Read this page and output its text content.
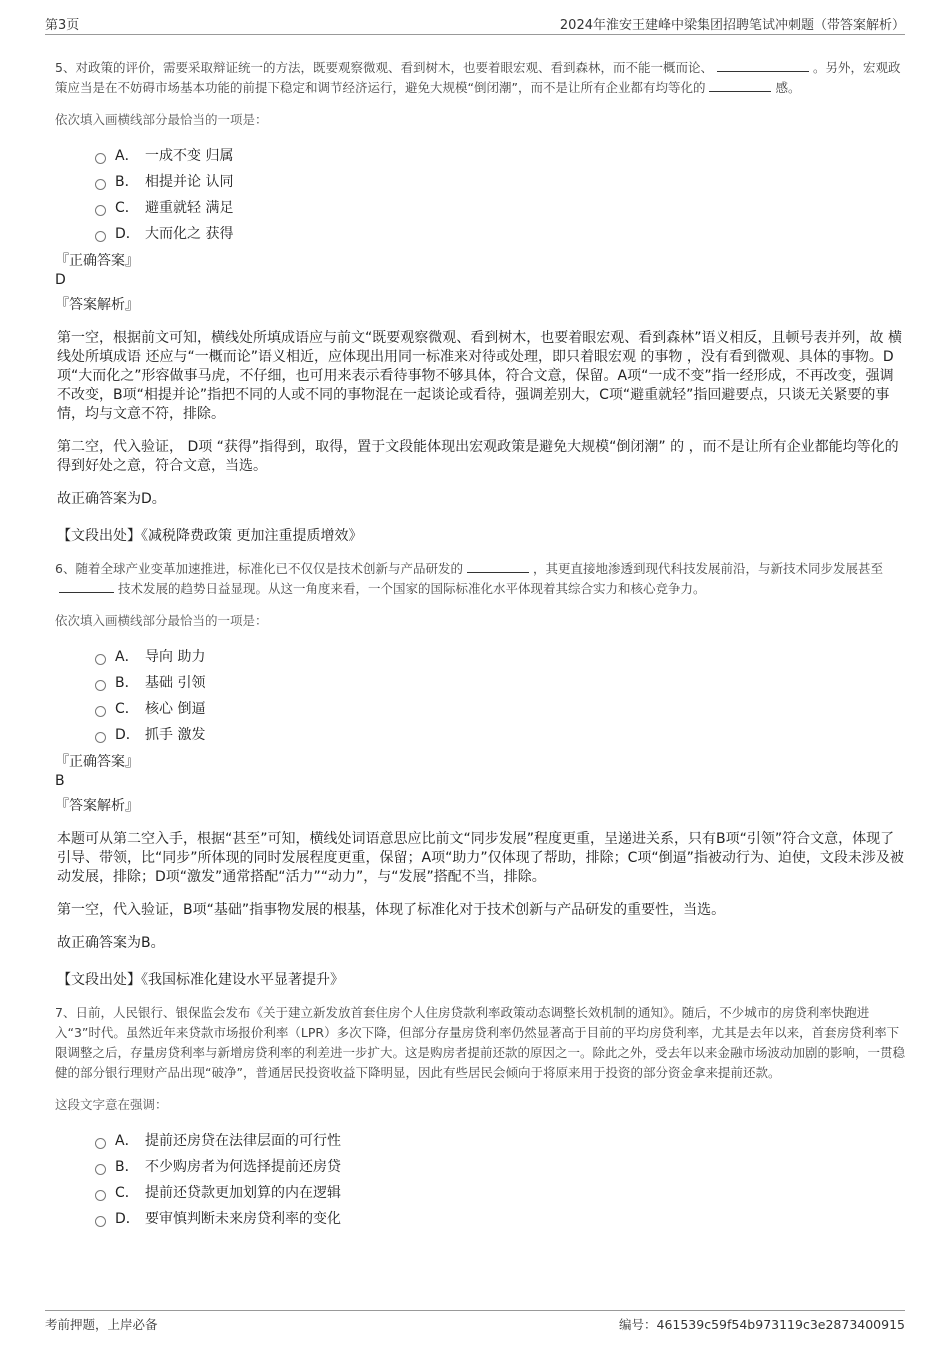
第3页	2024年淮安王建峰中梁集团招聘笔试冲刺题（带答案解析）

5、对政策的评价，需要采取辩证统一的方法，既要观察微观、看到树木，也要着眼宏观、看到森林，而不能一概而论、	。另外，宏观政策应当是在不妨碍市场基本功能的前提下稳定和调节经济运行，避免大规模“倒闭潮”，而不是让所有企业都有均等化的	感。

依次填入画横线部分最恰当的一项是：
A． 一成不变 归属
B． 相提并论 认同
C． 避重就轻 满足
D． 大而化之 获得
『正确答案』
D
『答案解析』
第一空，根据前文可知，横线处所填成语应与前文“既要观察微观、看到树木，也要着眼宏观、看到森林”语义相反，且顿号表并列，故 横线处所填成语 还应与“一概而论”语义相近，应体现出用同一标准来对待或处理，即只着眼宏观 的事物 ，没有看到微观、具体的事物。D项“大而化之”形容做事马虎，不仔细，也可用来表示看待事物不够具体，符合文意，保留。A项“一成不变”指一经形成，不再改变，强调不改变，B项“相提并论”指把不同的人或不同的事物混在一起谈论或看待，强调差别大，C项“避重就轻”指回避要点，只谈无关紧要的事情，均与文意不符，排除。
第二空，代入验证， D项 “获得”指得到，取得，置于文段能体现出宏观政策是避免大规模“倒闭潮” 的 ，而不是让所有企业都能均等化的得到好处之意，符合文意，当选。
故正确答案为D。
【文段出处】《减税降费政策 更加注重提质增效》

6、随着全球产业变革加速推进，标准化已不仅仅是技术创新与产品研发的	，其更直接地渗透到现代科技发展前沿，与新技术同步发展甚至技术发展的趋势日益显现。从这一角度来看，一个国家的国际标准化水平体现着其综合实力和核心竞争力。

依次填入画横线部分最恰当的一项是：
A． 导向 助力
B． 基础 引领
C． 核心 倒逼
D． 抓手 激发
『正确答案』
B
『答案解析』
本题可从第二空入手，根据“甚至”可知，横线处词语意思应比前文“同步发展”程度更重，呈递进关系，只有B项“引领”符合文意，体现了引导、带领，比“同步”所体现的同时发展程度更重，保留；A项“助力”仅体现了帮助，排除；C项“倒逼”指被动行为、迫使，文段未涉及被动发展，排除；D项“激发”通常搭配“活力”“动力”，与“发展”搭配不当，排除。
第一空，代入验证，B项“基础”指事物发展的根基，体现了标准化对于技术创新与产品研发的重要性，当选。
故正确答案为B。
【文段出处】《我国标准化建设水平显著提升》

7、日前，人民银行、银保监会发布《关于建立新发放首套住房个人住房贷款利率政策动态调整长效机制的通知》。随后，不少城市的房贷利率快跑进入“3”时代。虽然近年来贷款市场报价利率（LPR）多次下降，但部分存量房贷利率仍然显著高于目前的平均房贷利率，尤其是去年以来，首套房贷利率下限调整之后，存量房贷利率与新增房贷利率的利差进一步扩大。这是购房者提前还款的原因之一。除此之外，受去年以来金融市场波动加剧的影响，一贯稳健的部分银行理财产品出现“破净”，普通居民投资收益下降明显，因此有些居民会倾向于将原来用于投资的部分资金拿来提前还款。

这段文字意在强调：
A． 提前还房贷在法律层面的可行性
B． 不少购房者为何选择提前还房贷
C． 提前还贷款更加划算的内在逻辑
D． 要审慎判断未来房贷利率的变化
考前押题，上岸必备	编号：461539c59f54b973119c3e2873400915
